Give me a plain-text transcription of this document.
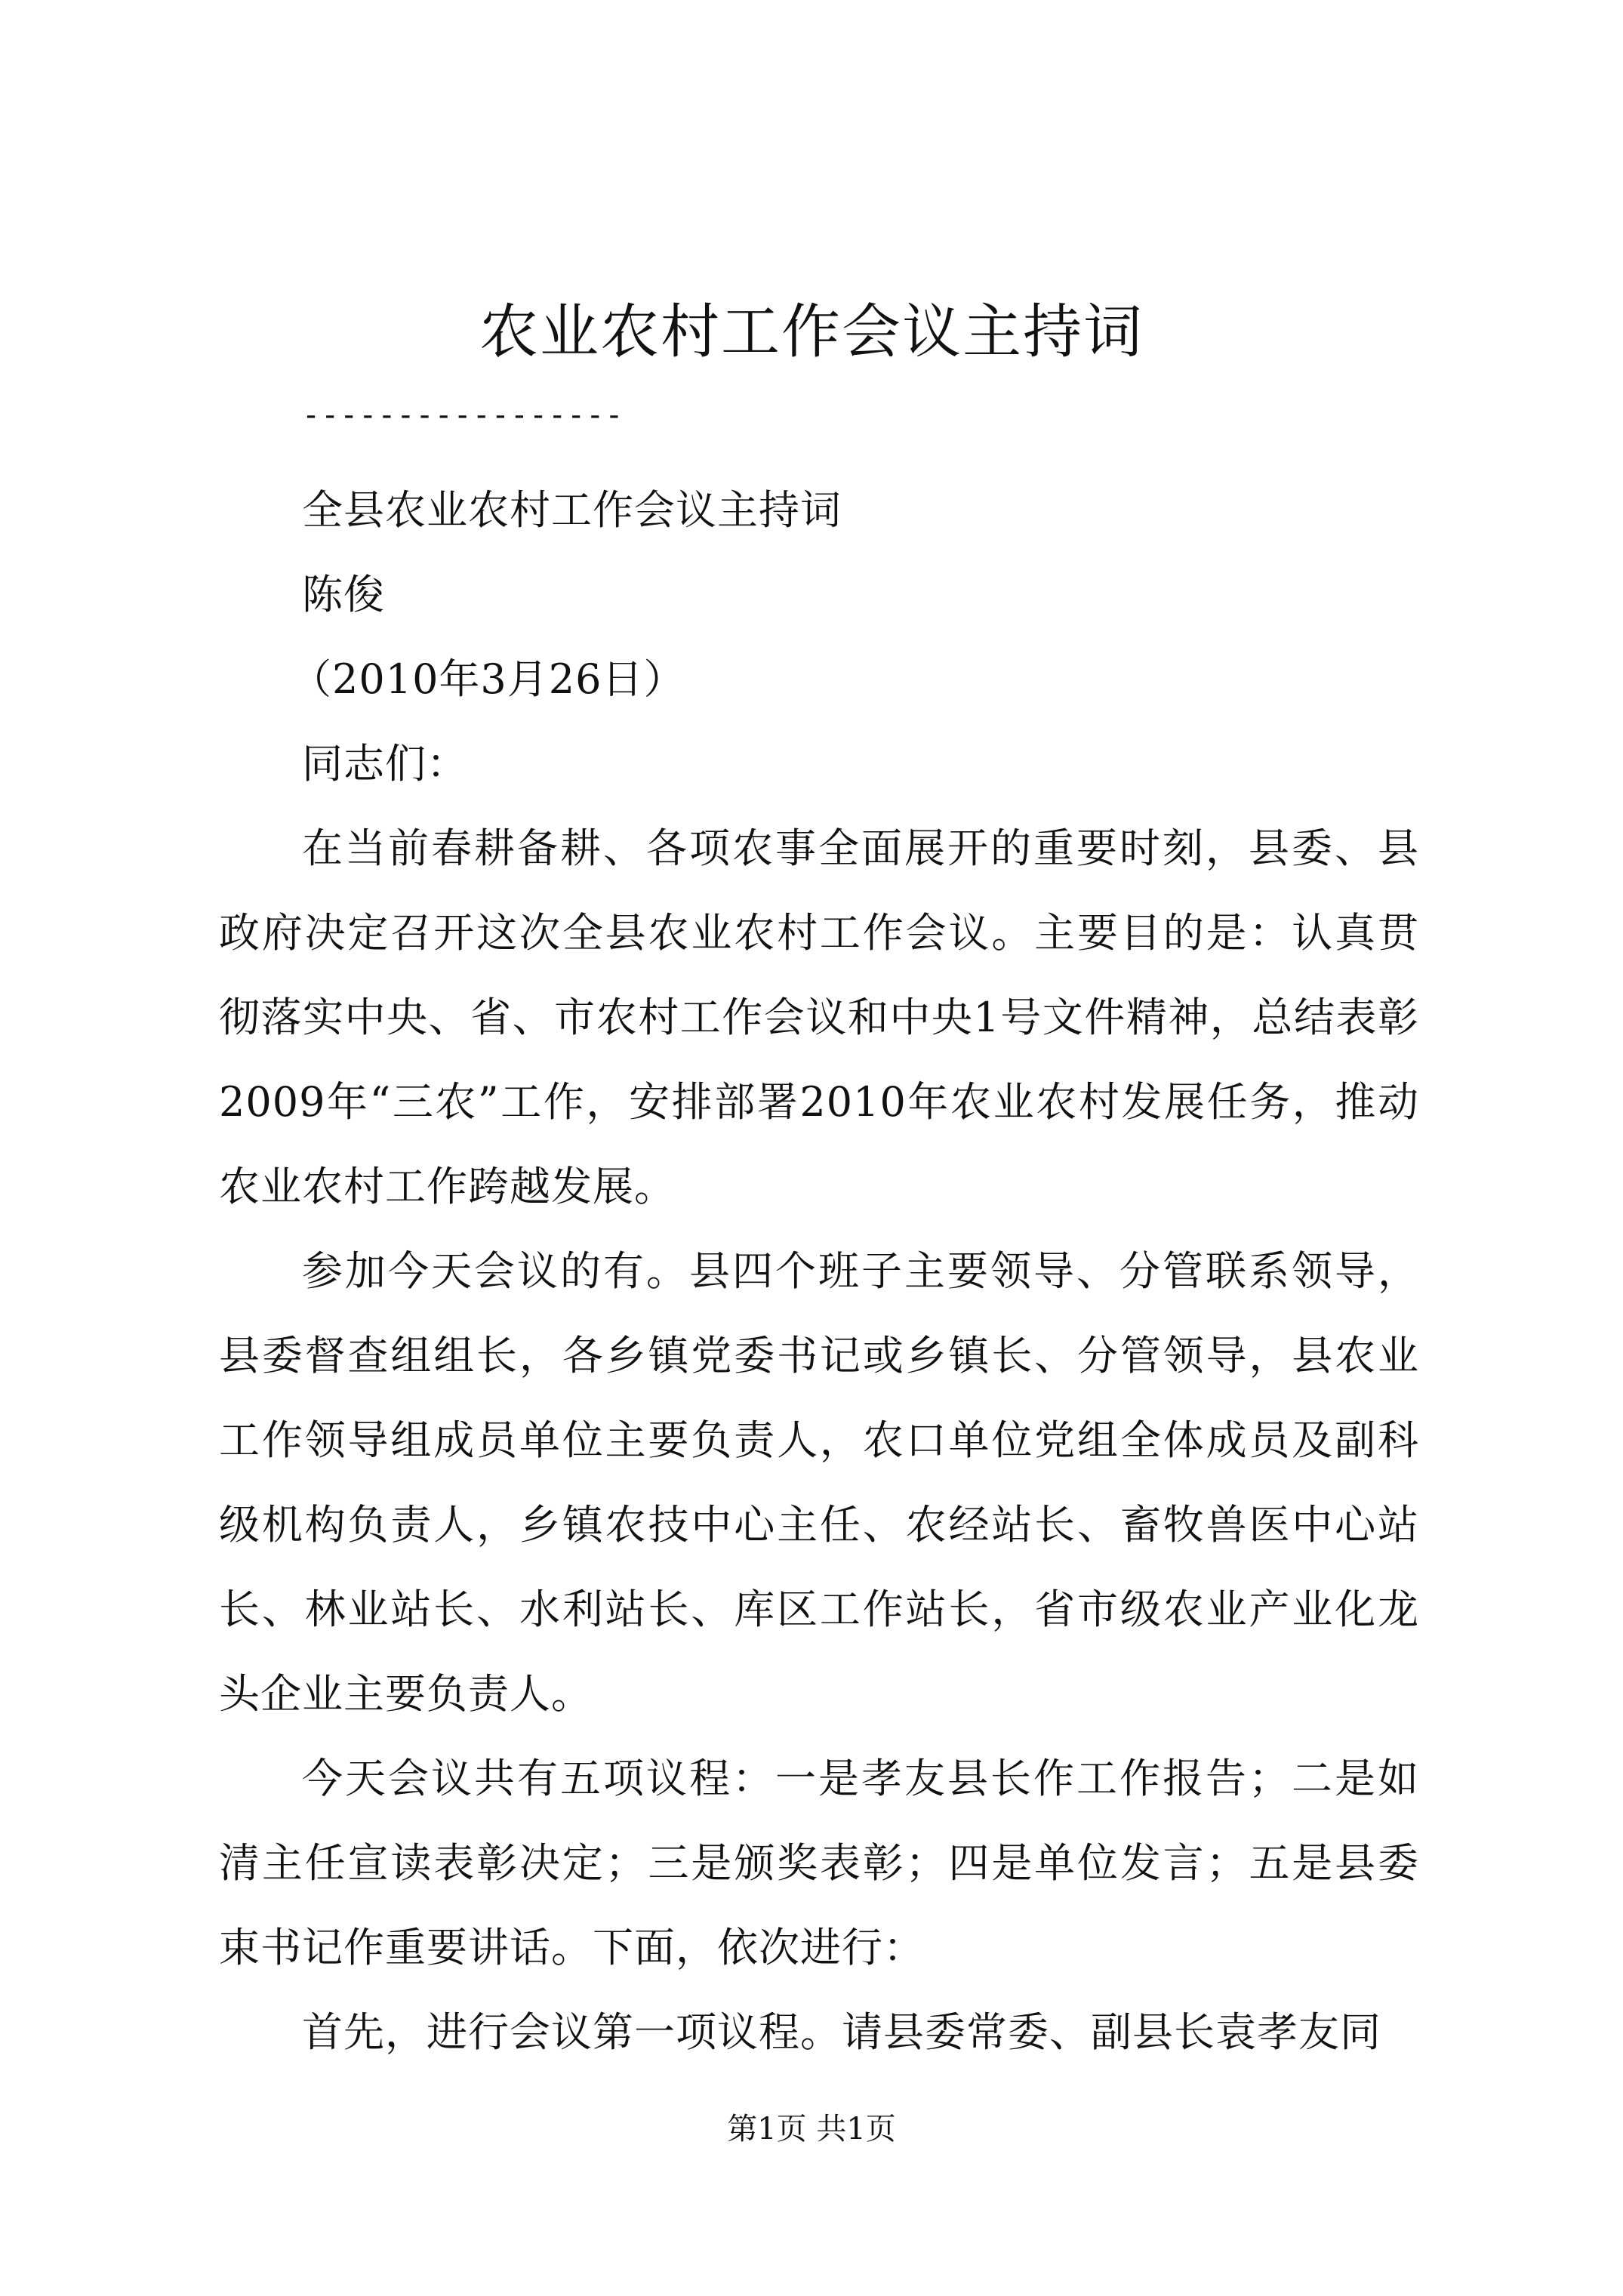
农业农村工作会议主持词
-----------------

全县农业农村工作会议主持词

陈俊

（2010年3月26日）

同志们：

在当前春耕备耕、各项农事全面展开的重要时刻，县委、县政府决定召开这次全县农业农村工作会议。主要目的是：认真贯彻落实中央、省、市农村工作会议和中央1号文件精神，总结表彰2009年“三农”工作，安排部署2010年农业农村发展任务，推动农业农村工作跨越发展。

参加今天会议的有。县四个班子主要领导、分管联系领导，县委督查组组长，各乡镇党委书记或乡镇长、分管领导，县农业工作领导组成员单位主要负责人，农口单位党组全体成员及副科级机构负责人，乡镇农技中心主任、农经站长、畜牧兽医中心站长、林业站长、水利站长、库区工作站长，省市级农业产业化龙头企业主要负责人。

今天会议共有五项议程：一是孝友县长作工作报告；二是如清主任宣读表彰决定；三是颁奖表彰；四是单位发言；五是县委束书记作重要讲话。下面，依次进行：

首先，进行会议第一项议程。请县委常委、副县长袁孝友同

第1页 共1页
